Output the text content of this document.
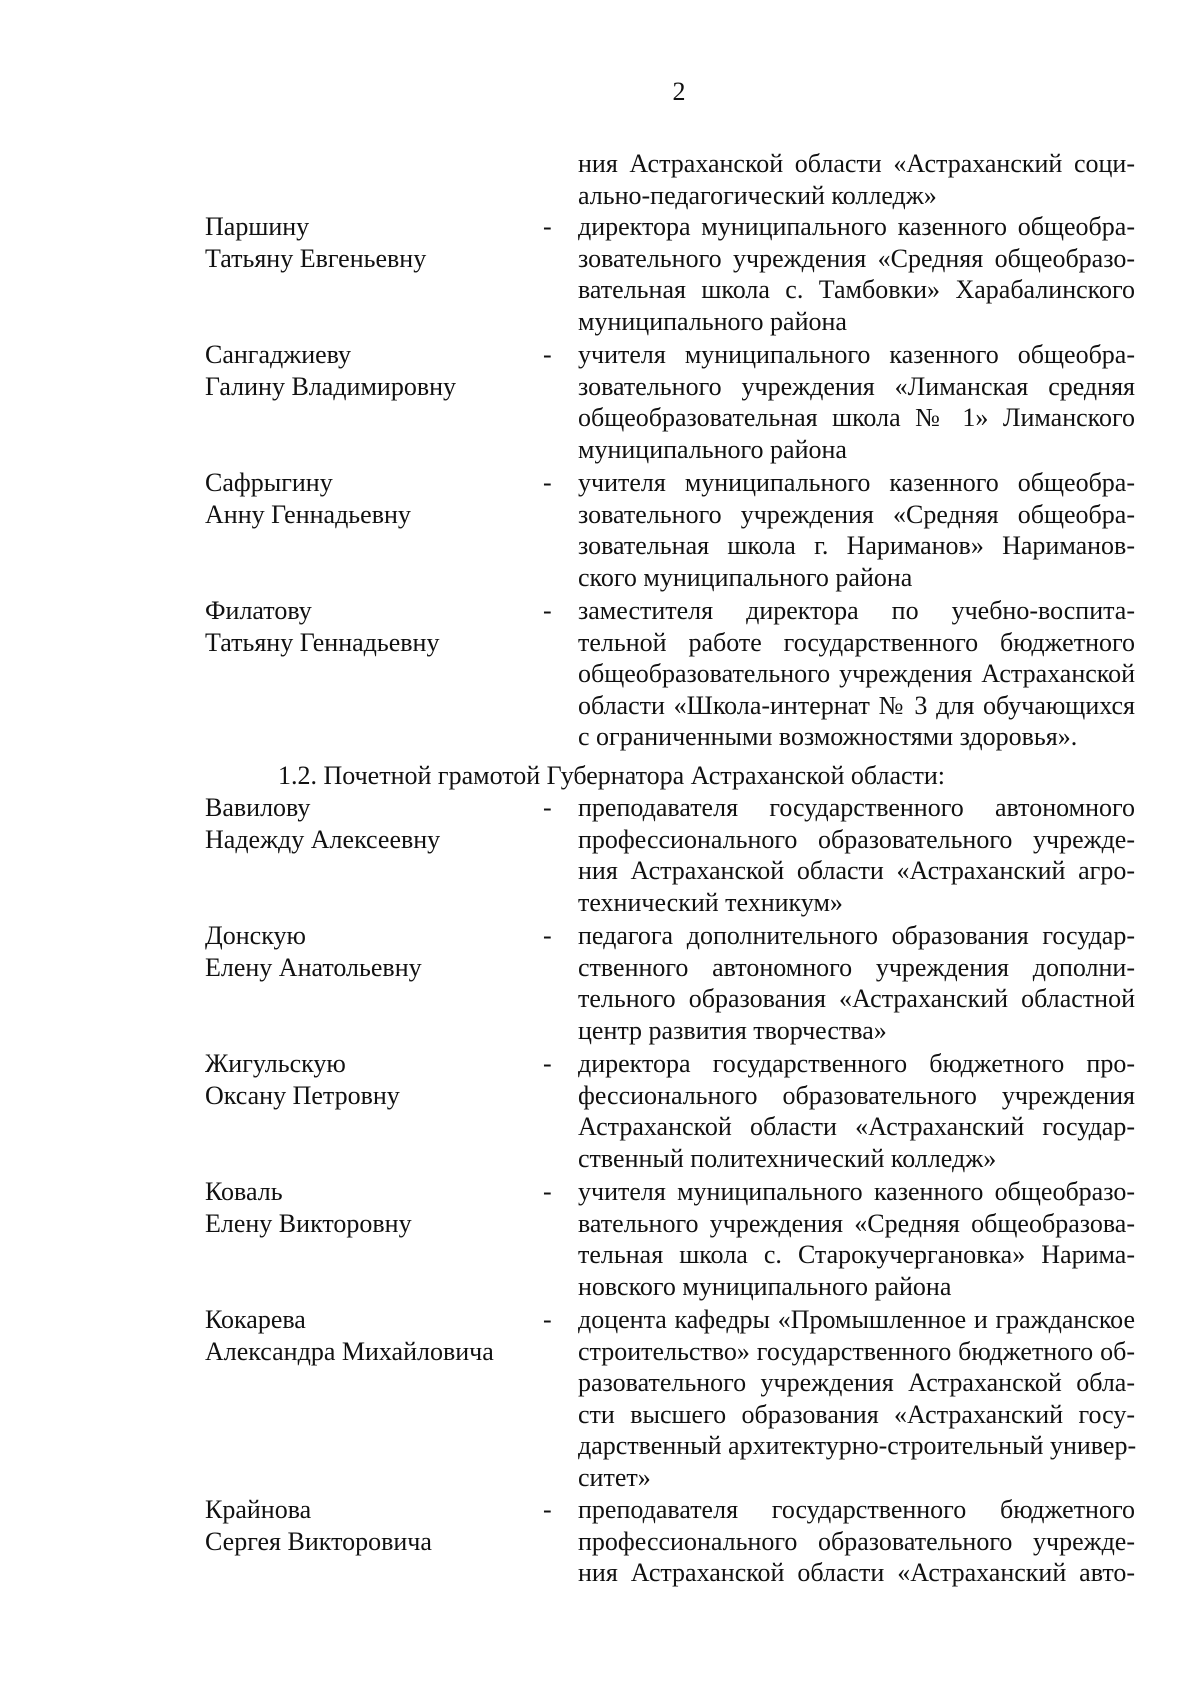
2
ния Астраханской области «Астраханский соци-
ально-педагогический колледж»
Паршину
Татьяну Евгеньевну
- директора муниципального казенного общеобра-
зовательного учреждения «Средняя общеобразо-
вательная школа с. Тамбовки» Харабалинского
муниципального района
Сангаджиеву
Галину Владимировну
- учителя муниципального казенного общеобра-
зовательного учреждения «Лиманская средняя
общеобразовательная школа № 1» Лиманского
муниципального района
Сафрыгину
Анну Геннадьевну
- учителя муниципального казенного общеобра-
зовательного учреждения «Средняя общеобра-
зовательная школа г. Нариманов» Нариманов-
ского муниципального района
Филатову
Татьяну Геннадьевну
- заместителя директора по учебно-воспита-
тельной работе государственного бюджетного
общеобразовательного учреждения Астраханской
области «Школа-интернат № 3 для обучающихся
с ограниченными возможностями здоровья».
1.2. Почетной грамотой Губернатора Астраханской области:
Вавилову
Надежду Алексеевну
- преподавателя государственного автономного
профессионального образовательного учрежде-
ния Астраханской области «Астраханский агро-
технический техникум»
Донскую
Елену Анатольевну
- педагога дополнительного образования государ-
ственного автономного учреждения дополни-
тельного образования «Астраханский областной
центр развития творчества»
Жигульскую
Оксану Петровну
- директора государственного бюджетного про-
фессионального образовательного учреждения
Астраханской области «Астраханский государ-
ственный политехнический колледж»
Коваль
Елену Викторовну
- учителя муниципального казенного общеобразо-
вательного учреждения «Средняя общеобразова-
тельная школа с. Старокучергановка» Нарима-
новского муниципального района
Кокарева
Александра Михайловича
- доцента кафедры «Промышленное и гражданское
строительство» государственного бюджетного об-
разовательного учреждения Астраханской обла-
сти высшего образования «Астраханский госу-
дарственный архитектурно-строительный универ-
ситет»
Крайнова
Сергея Викторовича
- преподавателя государственного бюджетного
профессионального образовательного учрежде-
ния Астраханской области «Астраханский авто-
